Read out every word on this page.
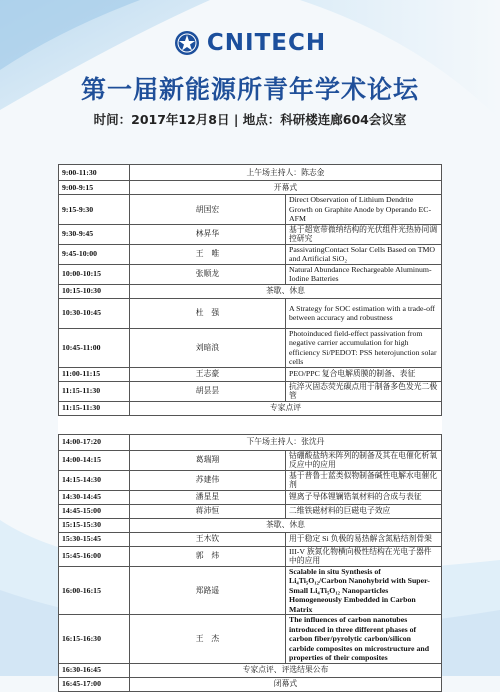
CNITECH
第一届新能源所青年学术论坛
时间：2017年12月8日 | 地点：科研楼连廊604会议室
9:00-11:30	上午场主持人：陈志金	
9:00-9:15	开幕式	
9:15-9:30	胡国宏	Direct Observation of Lithium Dendrite Growth on Graphite Anode by Operando EC-AFM
9:30-9:45	林昇华	基于超宽带微纳结构的光伏组件光热协同调控研究
9:45-10:00	王　唯	PassivatingContact Solar Cells Based on TMO and Artificial SiO₂
10:00-10:15	张顺龙	Natural Abundance Rechargeable Aluminum-Iodine Batteries
10:15-10:30	茶歇、休息	
10:30-10:45	杜　强	A Strategy for SOC estimation with a trade-off between accuracy and robustness
10:45-11:00	刘暗浪	Photoinduced field-effect passivation from negative carrier accumulation for high efficiency Si/PEDOT: PSS heterojunction solar cells
11:00-11:15	王志豪	PEO/PPC 复合电解质膜的制备、表征
11:15-11:30	胡昙昙	抗淬灭固态荧光碳点用于制备多色发光二极管
11:15-11:30	专家点评	

14:00-17:20	下午场主持人：张沈丹	
14:00-14:15	葛瑞翔	钴硼酸盐纳米阵列的制备及其在电催化析氧反应中的应用
14:15-14:30	苏建伟	基于普鲁士蓝类似物制备碱性电解水电催化剂
14:30-14:45	潘星星	锂离子导体锂镧锆氧材料的合成与表征
14:45-15:00	蒋沛恒	二维铁磁材料的巨磁电子效应
15:15-15:30	茶歇、休息	
15:30-15:45	王木钦	用于稳定 Si 负极的易热解含氮粘结剂骨架
15:45-16:00	郭　炜	III-V 族氮化物横向极性结构在光电子器件中的应用
16:00-16:15	郑路遥	Scalable in situ Synthesis of Li₄Ti₅O₁₂/Carbon Nanohybrid with Super-Small Li₄Ti₅O₁₂ Nanoparticles Homogeneously Embedded in Carbon Matrix
16:15-16:30	王　杰	The influences of carbon nanotubes introduced in three different phases of carbon fiber/pyrolytic carbon/silicon carbide composites on microstructure and properties of their composites
16:30-16:45	专家点评、评选结果公布	
16:45-17:00	闭幕式	
